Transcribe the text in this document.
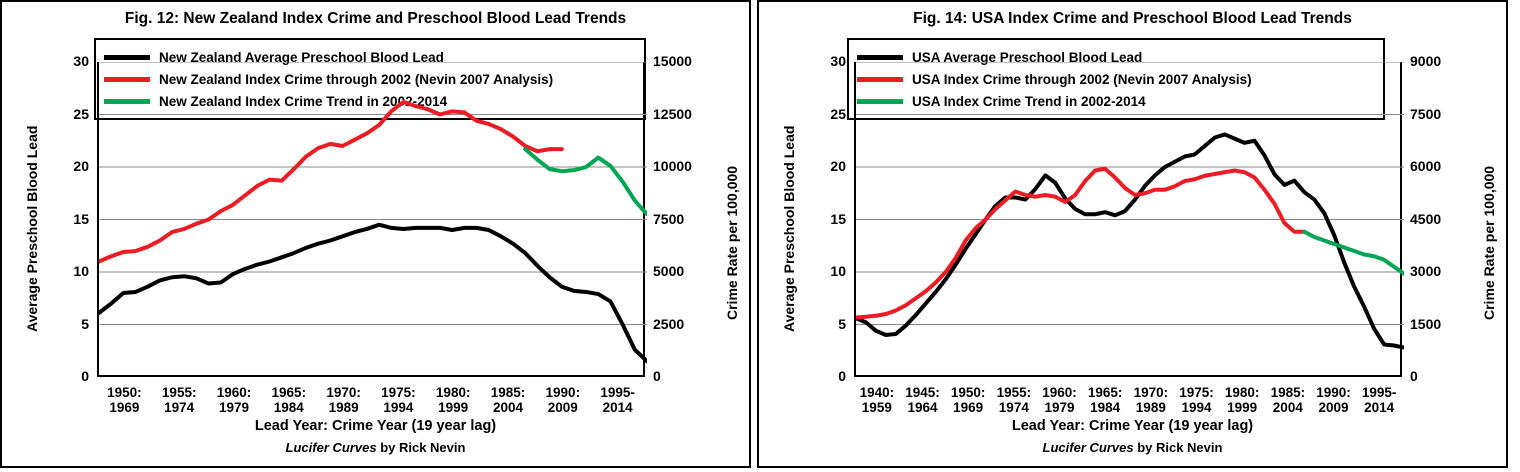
Fig. 12: New Zealand Index Crime and Preschool Blood Lead Trends
New Zealand Average Preschool Blood Lead
New Zealand Index Crime through 2002 (Nevin 2007 Analysis)
New Zealand Index Crime Trend in 2002-2014
Average Preschool Blood Lead	Crime Rate per 100,000
0
5
10
15
20
25
30
0
2500
5000
7500
10000
12500
15000
1950:
1969
1955:
1974
1960:
1979
1965:
1984
1970:
1989
1975:
1994
1980:
1999
1985:
2004
1990:
2009
1995-
2014
Lead Year: Crime Year (19 year lag)
Lucifer Curves by Rick Nevin
Fig. 14: USA Index Crime and Preschool Blood Lead Trends
USA Average Preschool Blood Lead
USA Index Crime through 2002 (Nevin 2007 Analysis)
USA Index Crime Trend in 2002-2014
Average Preschool Blood Lead	Crime Rate per 100,000
0
5
10
15
20
25
30
0
1500
3000
4500
6000
7500
9000
1940:
1959
1945:
1964
1950:
1969
1955:
1974
1960:
1979
1965:
1984
1970:
1989
1975:
1994
1980:
1999
1985:
2004
1990:
2009
1995-
2014
Lead Year: Crime Year (19 year lag)
Lucifer Curves by Rick Nevin
